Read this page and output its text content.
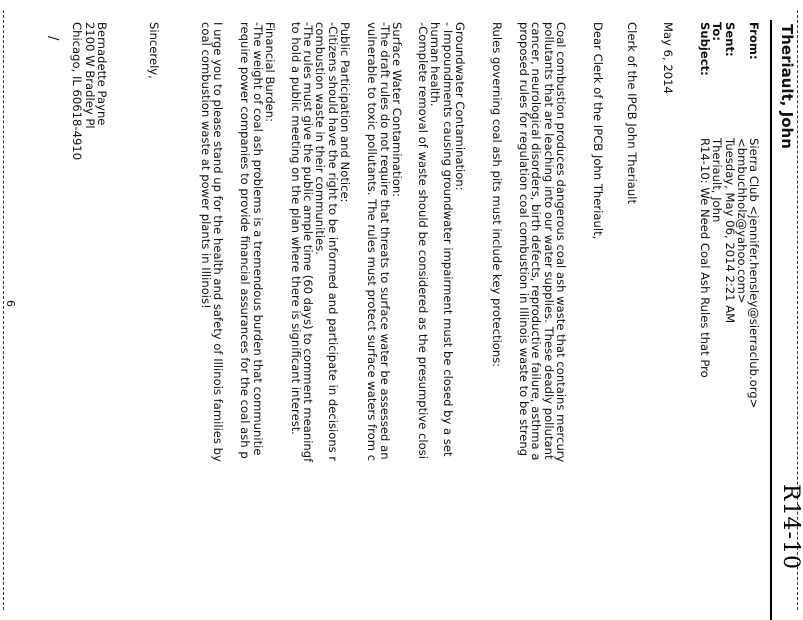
Theriault, John
R14-10
From:
Sierra Club <jennifer.hensley@sierraclub.org>
<bmbuchholz@yahoo.com>
Sent:
Tuesday, May 06, 2014 2:21 AM
To:
Theriault, John
Subject:
R14-10: We Need Coal Ash Rules that Pro
May 6, 2014
Clerk of the IPCB John Theriault
Dear Clerk of the IPCB John Theriault,
Coal combustion produces dangerous coal ash waste that contains mercury
pollutants that are leaching into our water supplies. These deadly pollutant
cancer, neurological disorders, birth defects, reproductive failure, asthma a
proposed rules for regulation coal combustion in Illinois waste to be streng
Rules governing coal ash pits must include key protections:
Groundwater Contamination:
- Impoundments causing groundwater impairment must be closed by a set
human health.
-Complete removal of waste should be considered as the presumptive closi
Surface Water Contamination:
-The draft rules do not require that threats to surface water be assessed an
vulnerable to toxic pollutants. The rules must protect surface waters from c
Public Participation and Notice:
-Citizens should have the right to be informed and participate in decisions r
combustion waste in their communities.
-The rules must give the public ample time (60 days) to comment meaningf
to hold a public meeting on the plan where there is significant interest.
Financial Burden:
-The weight of coal ash problems is a tremendous burden that communitie
require power companies to provide financial assurances for the coal ash p
I urge you to please stand up for the health and safety of Illinois families by
coal combustion waste at power plants in Illinois!
Sincerely,
Bernadette Payne
2100 W Bradley Pl
Chicago, IL 60618-4910
/
6
